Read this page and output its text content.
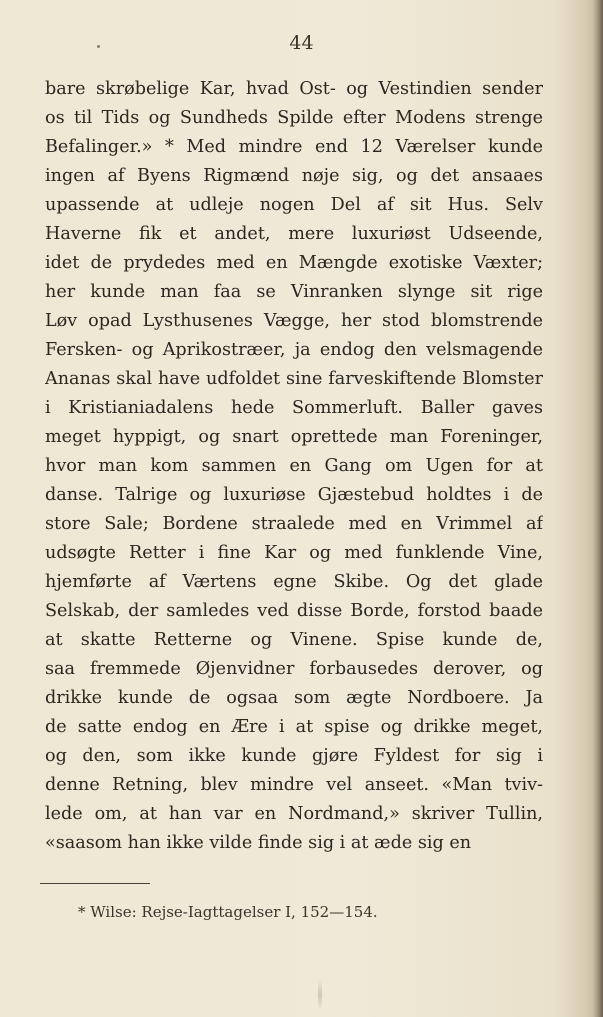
44
bare skrøbelige Kar, hvad Ost- og Vestindien sender
os til Tids og Sundheds Spilde efter Modens strenge
Befalinger.» * Med mindre end 12 Værelser kunde
ingen af Byens Rigmænd nøje sig, og det ansaaes
upassende at udleje nogen Del af sit Hus. Selv
Haverne fik et andet, mere luxuriøst Udseende,
idet de prydedes med en Mængde exotiske Væxter;
her kunde man faa se Vinranken slynge sit rige
Løv opad Lysthusenes Vægge, her stod blomstrende
Fersken- og Aprikostræer, ja endog den velsmagende
Ananas skal have udfoldet sine farveskiftende Blomster
i Kristianiadalens hede Sommerluft. Baller gaves
meget hyppigt, og snart oprettede man Foreninger,
hvor man kom sammen en Gang om Ugen for at
danse. Talrige og luxuriøse Gjæstebud holdtes i de
store Sale; Bordene straalede med en Vrimmel af
udsøgte Retter i fine Kar og med funklende Vine,
hjemførte af Værtens egne Skibe. Og det glade
Selskab, der samledes ved disse Borde, forstod baade
at skatte Retterne og Vinene. Spise kunde de,
saa fremmede Øjenvidner forbausedes derover, og
drikke kunde de ogsaa som ægte Nordboere. Ja
de satte endog en Ære i at spise og drikke meget,
og den, som ikke kunde gjøre Fyldest for sig i
denne Retning, blev mindre vel anseet. «Man tviv-
lede om, at han var en Nordmand,» skriver Tullin,
«saasom han ikke vilde finde sig i at æde sig en
* Wilse: Rejse-Iagttagelser I, 152—154.
